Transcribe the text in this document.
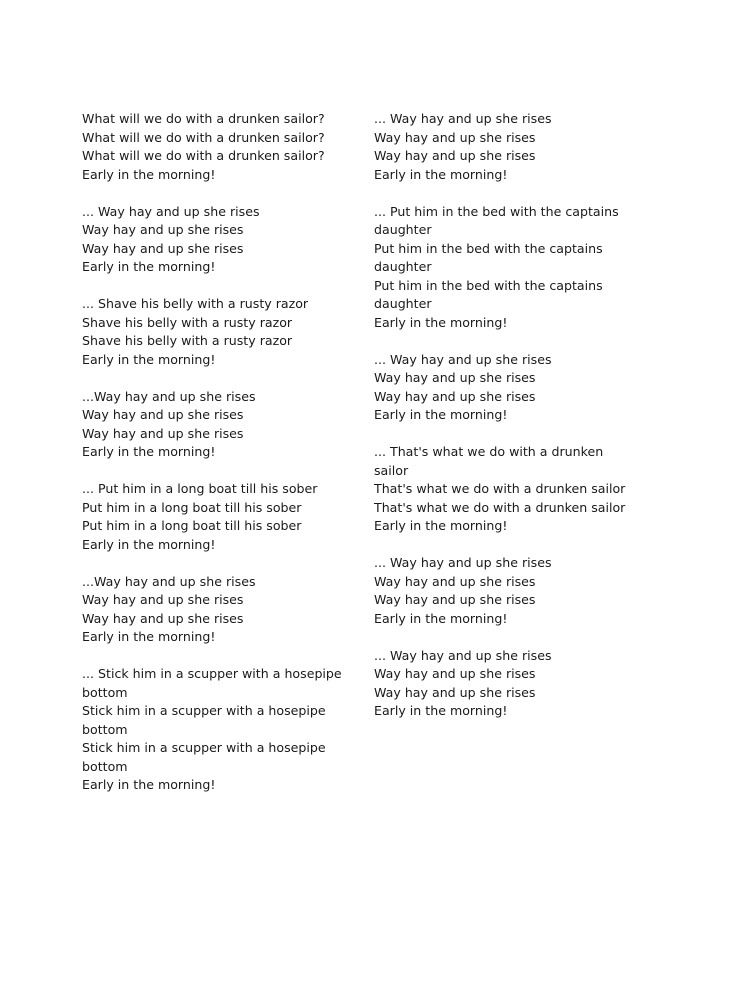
What will we do with a drunken sailor?
What will we do with a drunken sailor?
What will we do with a drunken sailor?
Early in the morning!
... Way hay and up she rises
Way hay and up she rises
Way hay and up she rises
Early in the morning!
... Shave his belly with a rusty razor
Shave his belly with a rusty razor
Shave his belly with a rusty razor
Early in the morning!
...Way hay and up she rises
Way hay and up she rises
Way hay and up she rises
Early in the morning!
... Put him in a long boat till his sober
Put him in a long boat till his sober
Put him in a long boat till his sober
Early in the morning!
...Way hay and up she rises
Way hay and up she rises
Way hay and up she rises
Early in the morning!
... Stick him in a scupper with a hosepipe bottom
Stick him in a scupper with a hosepipe bottom
Stick him in a scupper with a hosepipe bottom
Early in the morning!
... Way hay and up she rises
Way hay and up she rises
Way hay and up she rises
Early in the morning!
... Put him in the bed with the captains daughter
Put him in the bed with the captains daughter
Put him in the bed with the captains daughter
Early in the morning!
... Way hay and up she rises
Way hay and up she rises
Way hay and up she rises
Early in the morning!
... That's what we do with a drunken sailor
That's what we do with a drunken sailor
That's what we do with a drunken sailor
Early in the morning!
... Way hay and up she rises
Way hay and up she rises
Way hay and up she rises
Early in the morning!
... Way hay and up she rises
Way hay and up she rises
Way hay and up she rises
Early in the morning!
